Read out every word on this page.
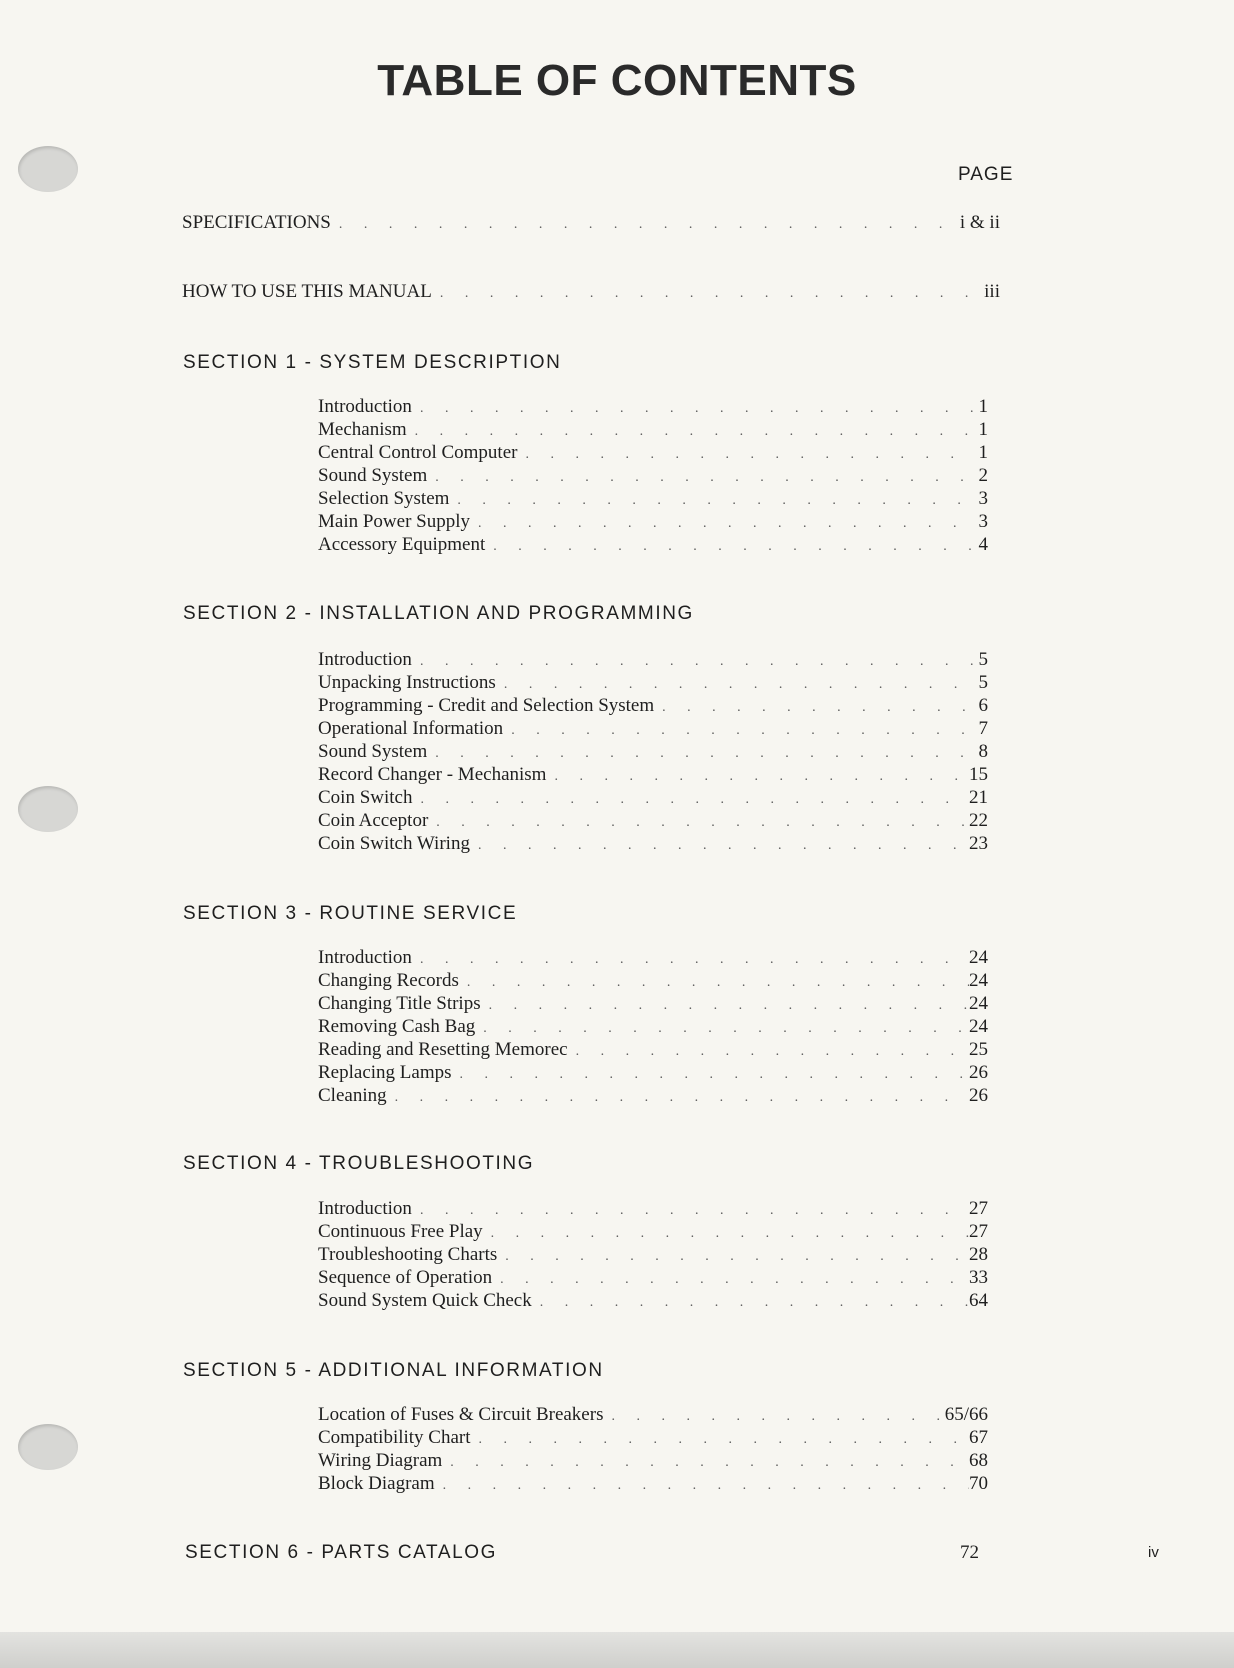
TABLE OF CONTENTS
PAGE
SPECIFICATIONS . . .	i & ii
HOW TO USE THIS MANUAL . . .	iii
SECTION 1 - SYSTEM DESCRIPTION
Introduction . . .	1
Mechanism . . .	1
Central Control Computer . . .	1
Sound System . . .	2
Selection System . . .	3
Main Power Supply . . .	3
Accessory Equipment . . .	4
SECTION 2 - INSTALLATION AND PROGRAMMING
Introduction . . .	5
Unpacking Instructions . . .	5
Programming - Credit and Selection System . . .	6
Operational Information . . .	7
Sound System . . .	8
Record Changer - Mechanism . . .	15
Coin Switch . . .	21
Coin Acceptor . . .	22
Coin Switch Wiring . . .	23
SECTION 3 - ROUTINE SERVICE
Introduction . . .	24
Changing Records . . .	24
Changing Title Strips . . .	24
Removing Cash Bag . . .	24
Reading and Resetting Memorec . . .	25
Replacing Lamps . . .	26
Cleaning . . .	26
SECTION 4 - TROUBLESHOOTING
Introduction . . .	27
Continuous Free Play . . .	27
Troubleshooting Charts . . .	28
Sequence of Operation . . .	33
Sound System Quick Check . . .	64
SECTION 5 - ADDITIONAL INFORMATION
Location of Fuses & Circuit Breakers . . .	65/66
Compatibility Chart . . .	67
Wiring Diagram . . .	68
Block Diagram . . .	70
SECTION 6 - PARTS CATALOG	72	iv
